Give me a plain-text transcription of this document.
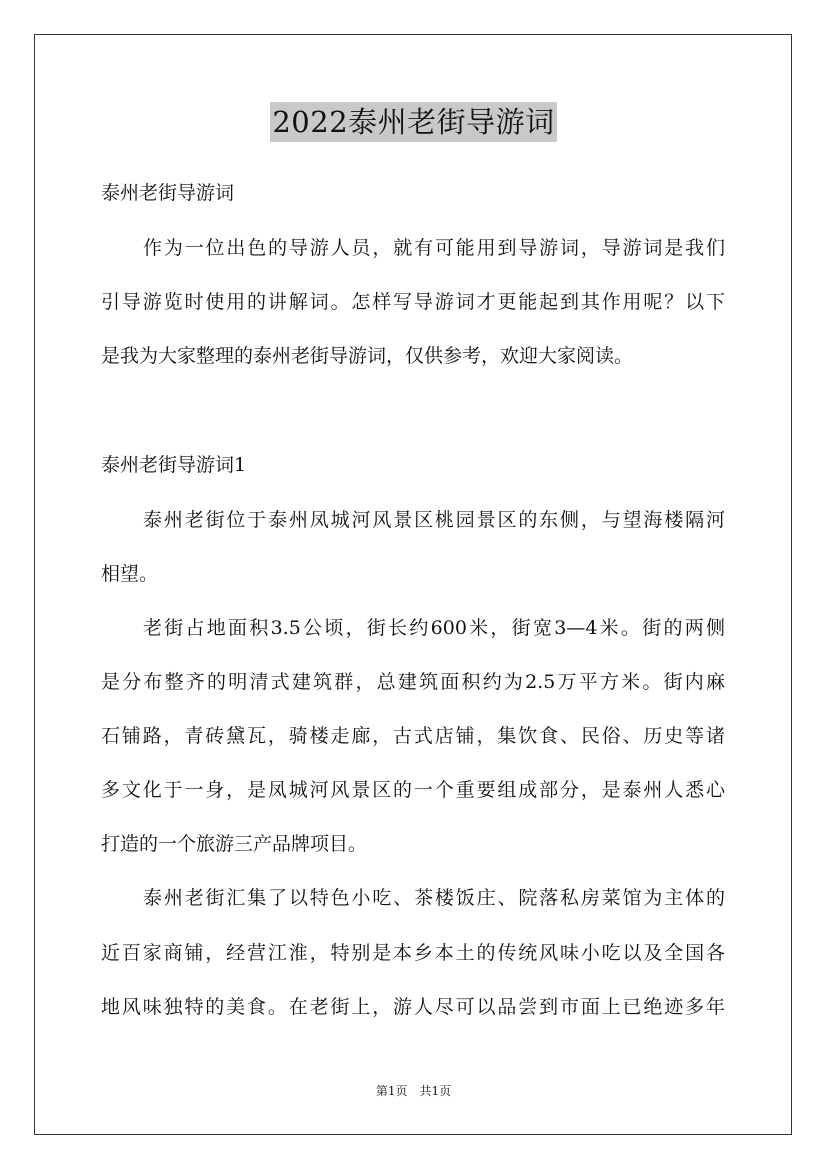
2022泰州老街导游词

泰州老街导游词

作为一位出色的导游人员，就有可能用到导游词，导游词是我们

引导游览时使用的讲解词。怎样写导游词才更能起到其作用呢？以下

是我为大家整理的泰州老街导游词，仅供参考，欢迎大家阅读。

泰州老街导游词1

泰州老街位于泰州凤城河风景区桃园景区的东侧，与望海楼隔河

相望。

老街占地面积3.5公顷，街长约600米，街宽3—4米。街的两侧

是分布整齐的明清式建筑群，总建筑面积约为2.5万平方米。街内麻

石铺路，青砖黛瓦，骑楼走廊，古式店铺，集饮食、民俗、历史等诸

多文化于一身，是凤城河风景区的一个重要组成部分，是泰州人悉心

打造的一个旅游三产品牌项目。

泰州老街汇集了以特色小吃、茶楼饭庄、院落私房菜馆为主体的

近百家商铺，经营江淮，特别是本乡本土的传统风味小吃以及全国各

地风味独特的美食。在老街上，游人尽可以品尝到市面上已绝迹多年

第1页 共1页
